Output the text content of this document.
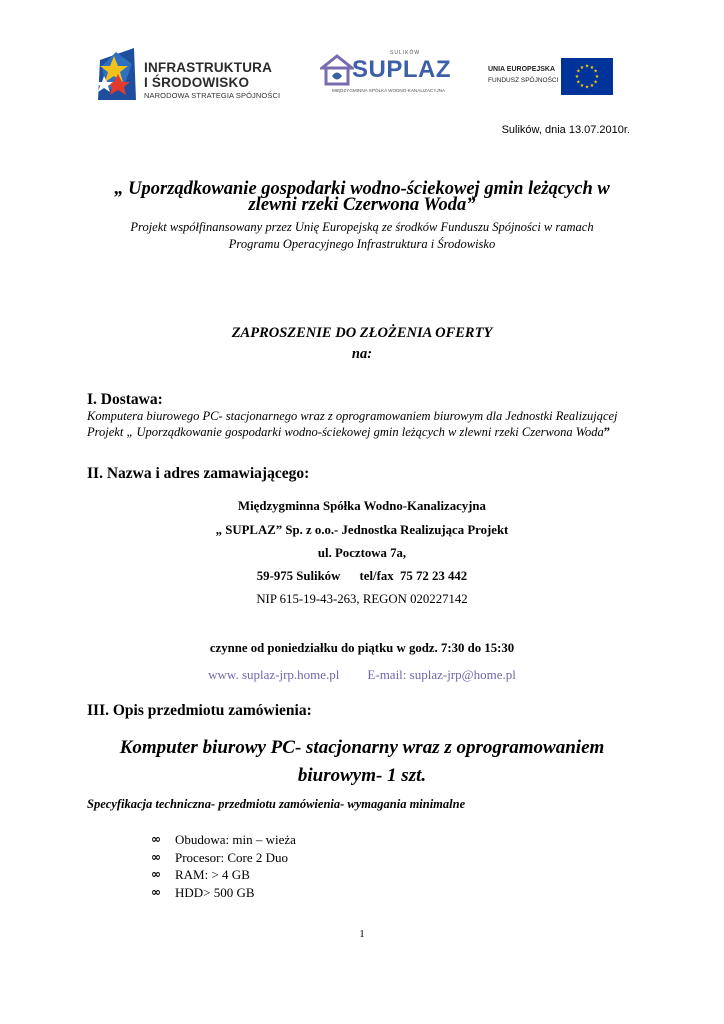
INFRASTRUKTURA
I ŚRODOWISKO
NARODOWA STRATEGIA SPÓJNOŚCI
SULIKÓW
SUPLAZ
MIĘDZYGMINNA SPÓŁKA WODNO-KANALIZACYJNA
UNIA EUROPEJSKA
FUNDUSZ SPÓJNOŚCI
★ ★
★
★
★
★
★
★
★
★
★
★
Sulików, dnia 13.07.2010r.
„ Uporządkowanie gospodarki wodno-ściekowej gmin leżących w zlewni rzeki Czerwona Woda”
Projekt współfinansowany przez Unię Europejską ze środków Funduszu Spójności w ramach
Programu Operacyjnego Infrastruktura i Środowisko
ZAPROSZENIE DO ZŁOŻENIA OFERTY
na:
I. Dostawa:
Komputera biurowego PC- stacjonarnego wraz z oprogramowaniem biurowym dla Jednostki Realizującej Projekt „ Uporządkowanie gospodarki wodno-ściekowej gmin leżących w zlewni rzeki Czerwona Woda”
II. Nazwa i adres zamawiającego:
Międzygminna Spółka Wodno-Kanalizacyjna
„ SUPLAZ” Sp. z o.o.- Jednostka Realizująca Projekt
ul. Pocztowa 7a,
59-975 Sulików      tel/fax  75 72 23 442
NIP 615-19-43-263, REGON 020227142
czynne od poniedziałku do piątku w godz. 7:30 do 15:30
www. suplaz-jrp.home.pl E-mail: suplaz-jrp@home.pl
III. Opis przedmiotu zamówienia:
Komputer biurowy PC- stacjonarny wraz z oprogramowaniem
biurowym- 1 szt.
Specyfikacja techniczna- przedmiotu zamówienia- wymagania minimalne
∞	Obudowa: min – wieża
∞	Procesor: Core 2 Duo
∞	RAM: > 4 GB
∞	HDD> 500 GB
1
